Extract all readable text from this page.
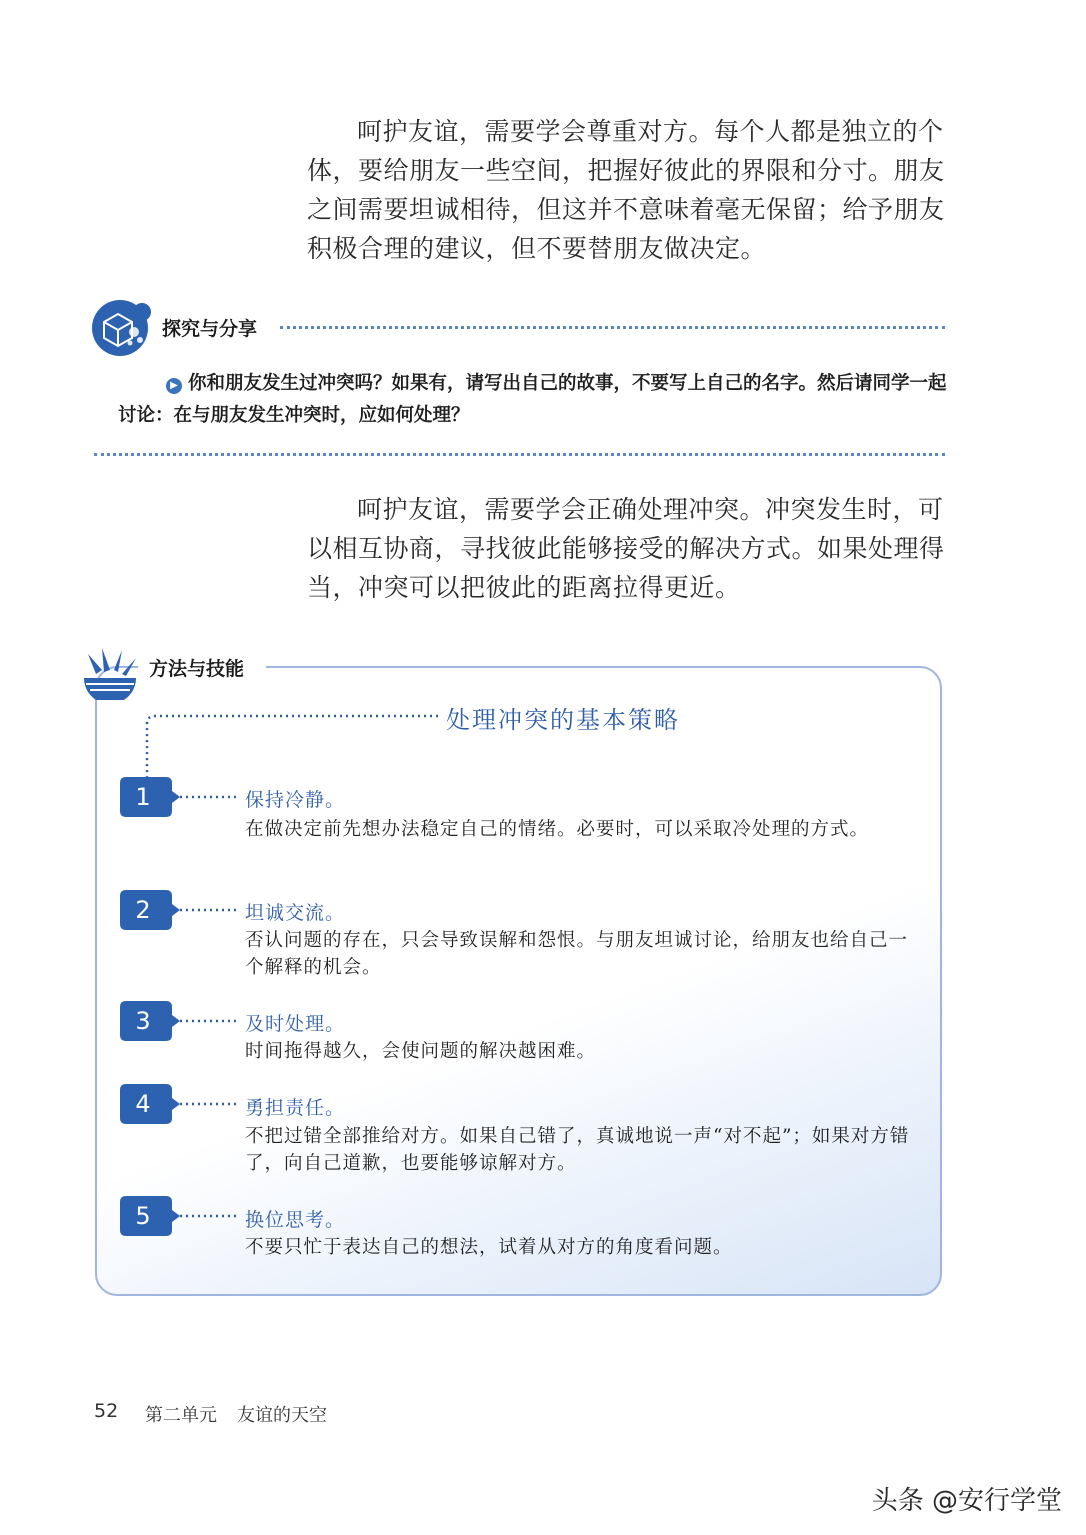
呵护友谊，需要学会尊重对方。每个人都是独立的个体，要给朋友一些空间，把握好彼此的界限和分寸。朋友之间需要坦诚相待，但这并不意味着毫无保留；给予朋友积极合理的建议，但不要替朋友做决定。
探究与分享
▶ 你和朋友发生过冲突吗？如果有，请写出自己的故事，不要写上自己的名字。然后请同学一起讨论：在与朋友发生冲突时，应如何处理？
呵护友谊，需要学会正确处理冲突。冲突发生时，可以相互协商，寻找彼此能够接受的解决方式。如果处理得当，冲突可以把彼此的距离拉得更近。
方法与技能
处理冲突的基本策略
1	保持冷静。
在做决定前先想办法稳定自己的情绪。必要时，可以采取冷处理的方式。
2	坦诚交流。
否认问题的存在，只会导致误解和怨恨。与朋友坦诚讨论，给朋友也给自己一个解释的机会。
3	及时处理。
时间拖得越久，会使问题的解决越困难。
4	勇担责任。
不把过错全部推给对方。如果自己错了，真诚地说一声“对不起”；如果对方错了，向自己道歉，也要能够谅解对方。
5	换位思考。
不要只忙于表达自己的想法，试着从对方的角度看问题。
52 第二单元 友谊的天空
头条 @安行学堂
